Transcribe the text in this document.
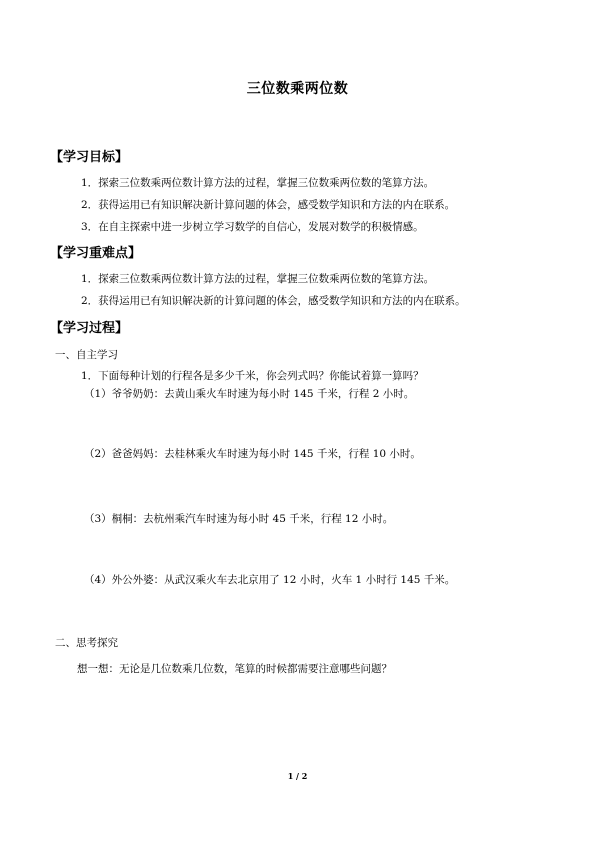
三位数乘两位数
【学习目标】
1．探索三位数乘两位数计算方法的过程，掌握三位数乘两位数的笔算方法。
2．获得运用已有知识解决新计算问题的体会，感受数学知识和方法的内在联系。
3．在自主探索中进一步树立学习数学的自信心，发展对数学的积极情感。
【学习重难点】
1．探索三位数乘两位数计算方法的过程，掌握三位数乘两位数的笔算方法。
2．获得运用已有知识解决新的计算问题的体会，感受数学知识和方法的内在联系。
【学习过程】
一、自主学习
1．下面每种计划的行程各是多少千米，你会列式吗？你能试着算一算吗？
（1）爷爷奶奶：去黄山乘火车时速为每小时 145 千米，行程 2 小时。
（2）爸爸妈妈：去桂林乘火车时速为每小时 145 千米，行程 10 小时。
（3）桐桐：去杭州乘汽车时速为每小时 45 千米，行程 12 小时。
（4）外公外婆：从武汉乘火车去北京用了 12 小时，火车 1 小时行 145 千米。
二、思考探究
想一想：无论是几位数乘几位数，笔算的时候都需要注意哪些问题？
1 / 2
